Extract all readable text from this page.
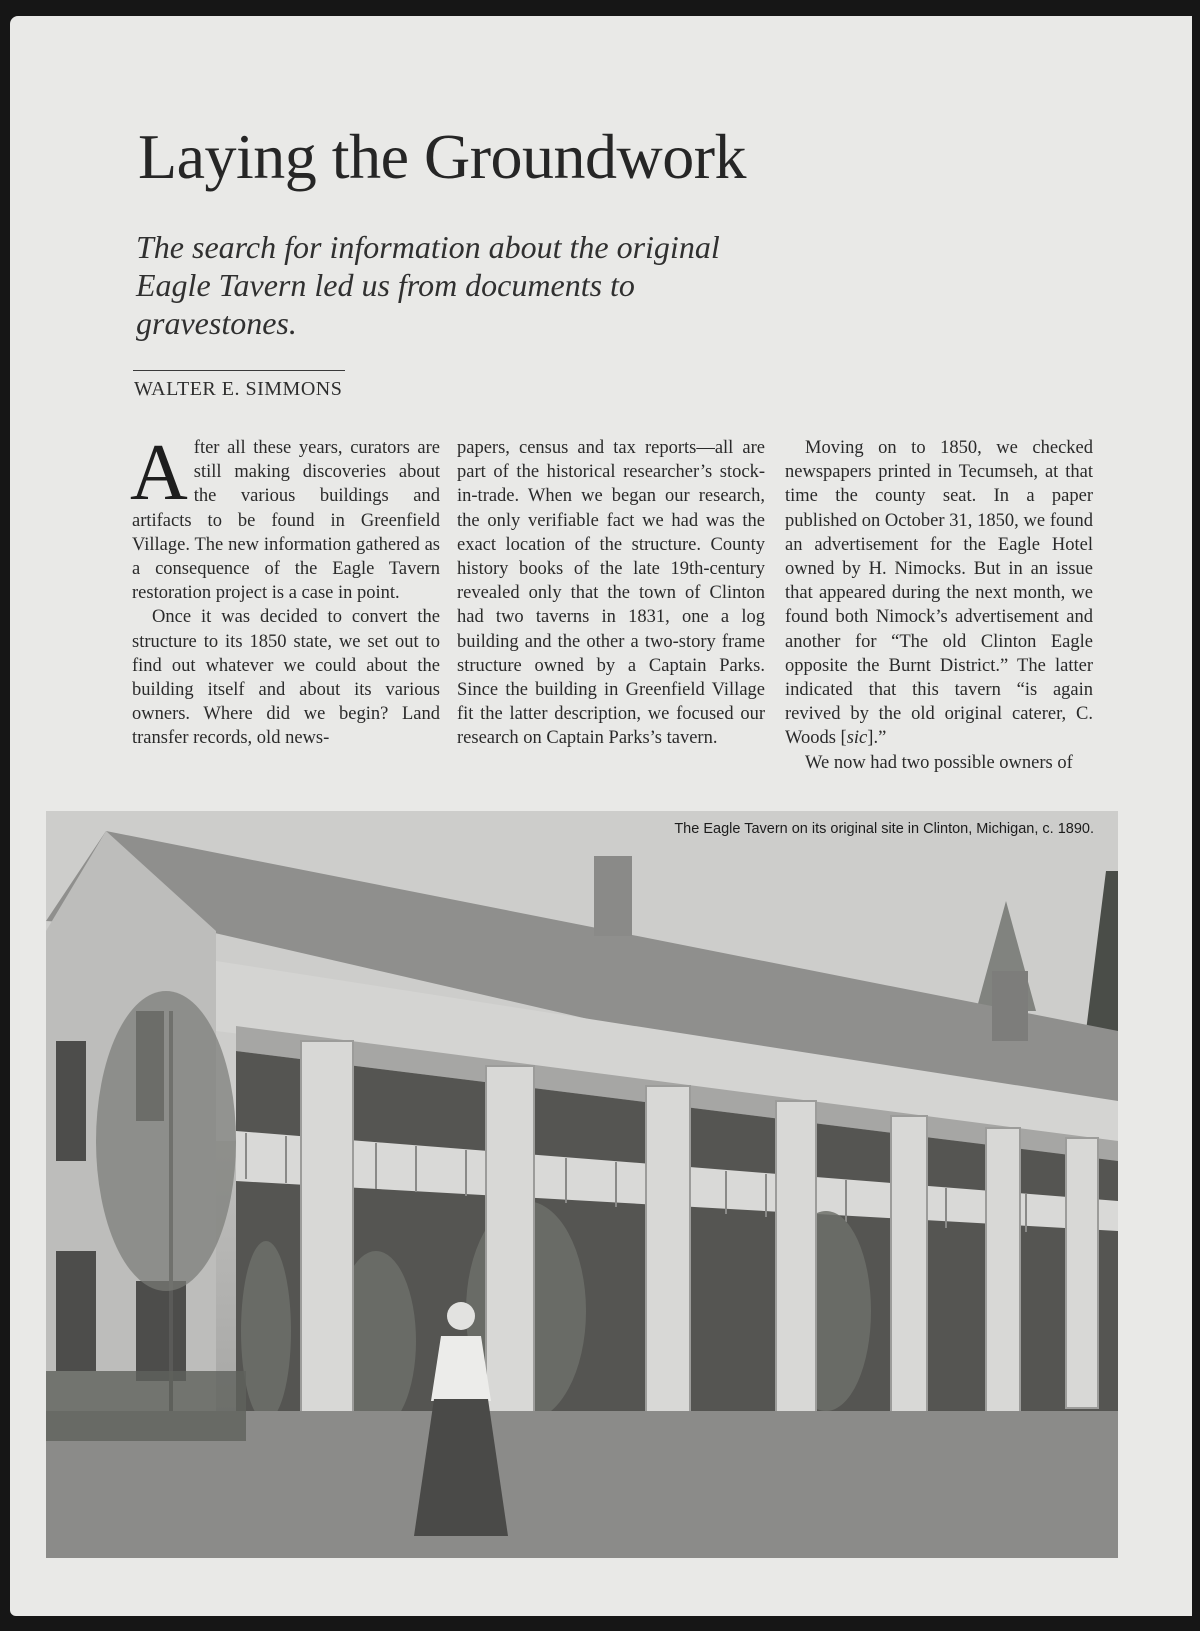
Laying the Groundwork

The search for information about the original Eagle Tavern led us from documents to gravestones.

WALTER E. SIMMONS

After all these years, curators are still making discoveries about the various buildings and artifacts to be found in Greenfield Village. The new information gathered as a consequence of the Eagle Tavern restoration project is a case in point.

Once it was decided to convert the structure to its 1850 state, we set out to find out whatever we could about the building itself and about its various owners. Where did we begin? Land transfer records, old news-

papers, census and tax reports—all are part of the historical researcher’s stock-in-trade. When we began our research, the only verifiable fact we had was the exact location of the structure. County history books of the late 19th-century revealed only that the town of Clinton had two taverns in 1831, one a log building and the other a two-story frame structure owned by a Captain Parks. Since the building in Greenfield Village fit the latter description, we focused our research on Captain Parks’s tavern.

Moving on to 1850, we checked newspapers printed in Tecumseh, at that time the county seat. In a paper published on October 31, 1850, we found an advertisement for the Eagle Hotel owned by H. Nimocks. But in an issue that appeared during the next month, we found both Nimock’s advertisement and another for “The old Clinton Eagle opposite the Burnt District.” The latter indicated that this tavern “is again revived by the old original caterer, C. Woods [sic].”

We now had two possible owners of

The Eagle Tavern on its original site in Clinton, Michigan, c. 1890.
